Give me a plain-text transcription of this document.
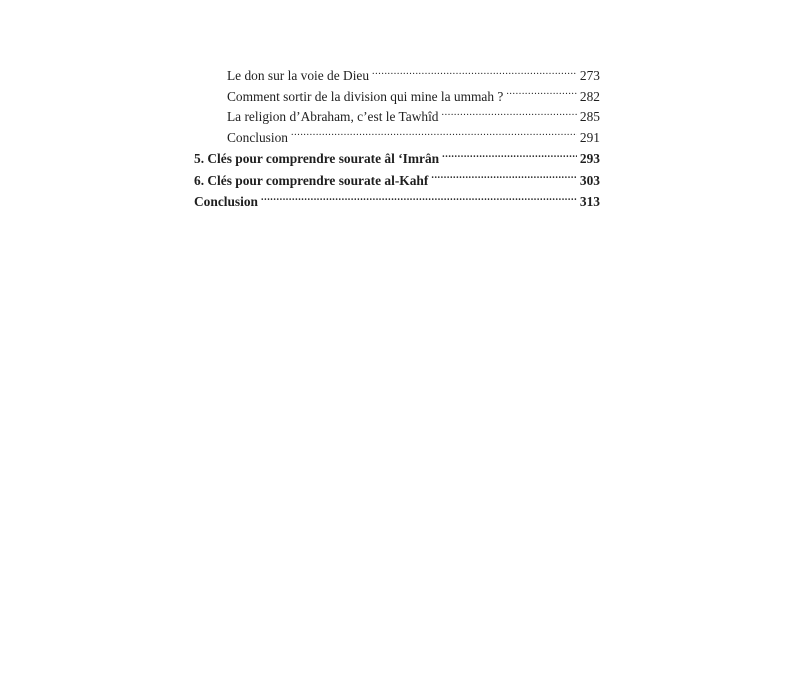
Le don sur la voie de Dieu .....	273
Comment sortir de la division qui mine la ummah ? .....	282
La religion d’Abraham, c’est le Tawhîd .....	285
Conclusion .....	291
5. Clés pour comprendre sourate âl ‘Imrân .....	293
6. Clés pour comprendre sourate al-Kahf .....	303
Conclusion .....	313
